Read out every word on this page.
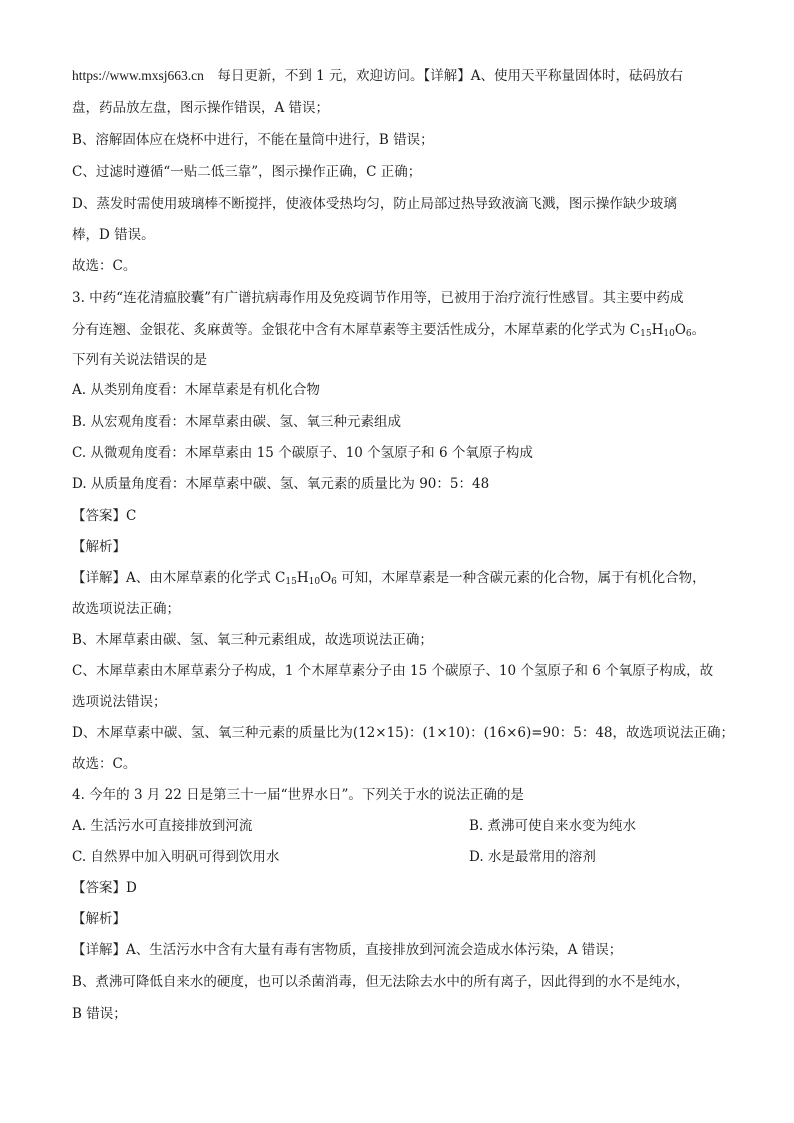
https://www.mxsj663.cn　每日更新，不到 1 元，欢迎访问。【详解】A、使用天平称量固体时，砝码放右
盘，药品放左盘，图示操作错误，A 错误；
B、溶解固体应在烧杯中进行，不能在量筒中进行，B 错误；
C、过滤时遵循“一贴二低三靠”，图示操作正确，C 正确；
D、蒸发时需使用玻璃棒不断搅拌，使液体受热均匀，防止局部过热导致液滴飞溅，图示操作缺少玻璃
棒，D 错误。
故选：C。
3. 中药“连花清瘟胶囊”有广谱抗病毒作用及免疫调节作用等，已被用于治疗流行性感冒。其主要中药成
分有连翘、金银花、炙麻黄等。金银花中含有木犀草素等主要活性成分，木犀草素的化学式为 $C_{15}H_{10}O_6$。
下列有关说法错误的是
A. 从类别角度看：木犀草素是有机化合物
B. 从宏观角度看：木犀草素由碳、氢、氧三种元素组成
C. 从微观角度看：木犀草素由 15 个碳原子、10 个氢原子和 6 个氧原子构成
D. 从质量角度看：木犀草素中碳、氢、氧元素的质量比为 90：5：48
【答案】C
【解析】
【详解】A、由木犀草素的化学式 $C_{15}H_{10}O_6$ 可知，木犀草素是一种含碳元素的化合物，属于有机化合物，
故选项说法正确；
B、木犀草素由碳、氢、氧三种元素组成，故选项说法正确；
C、木犀草素由木犀草素分子构成，1 个木犀草素分子由 15 个碳原子、10 个氢原子和 6 个氧原子构成，故
选项说法错误；
D、木犀草素中碳、氢、氧三种元素的质量比为(12×15)：(1×10)：(16×6)=90：5：48，故选项说法正确；
故选：C。
4. 今年的 3 月 22 日是第三十一届“世界水日”。下列关于水的说法正确的是
A. 生活污水可直接排放到河流	B. 煮沸可使自来水变为纯水
C. 自然界中加入明矾可得到饮用水	D. 水是最常用的溶剂
【答案】D
【解析】
【详解】A、生活污水中含有大量有毒有害物质，直接排放到河流会造成水体污染，A 错误；
B、煮沸可降低自来水的硬度，也可以杀菌消毒，但无法除去水中的所有离子，因此得到的水不是纯水，
B 错误；
